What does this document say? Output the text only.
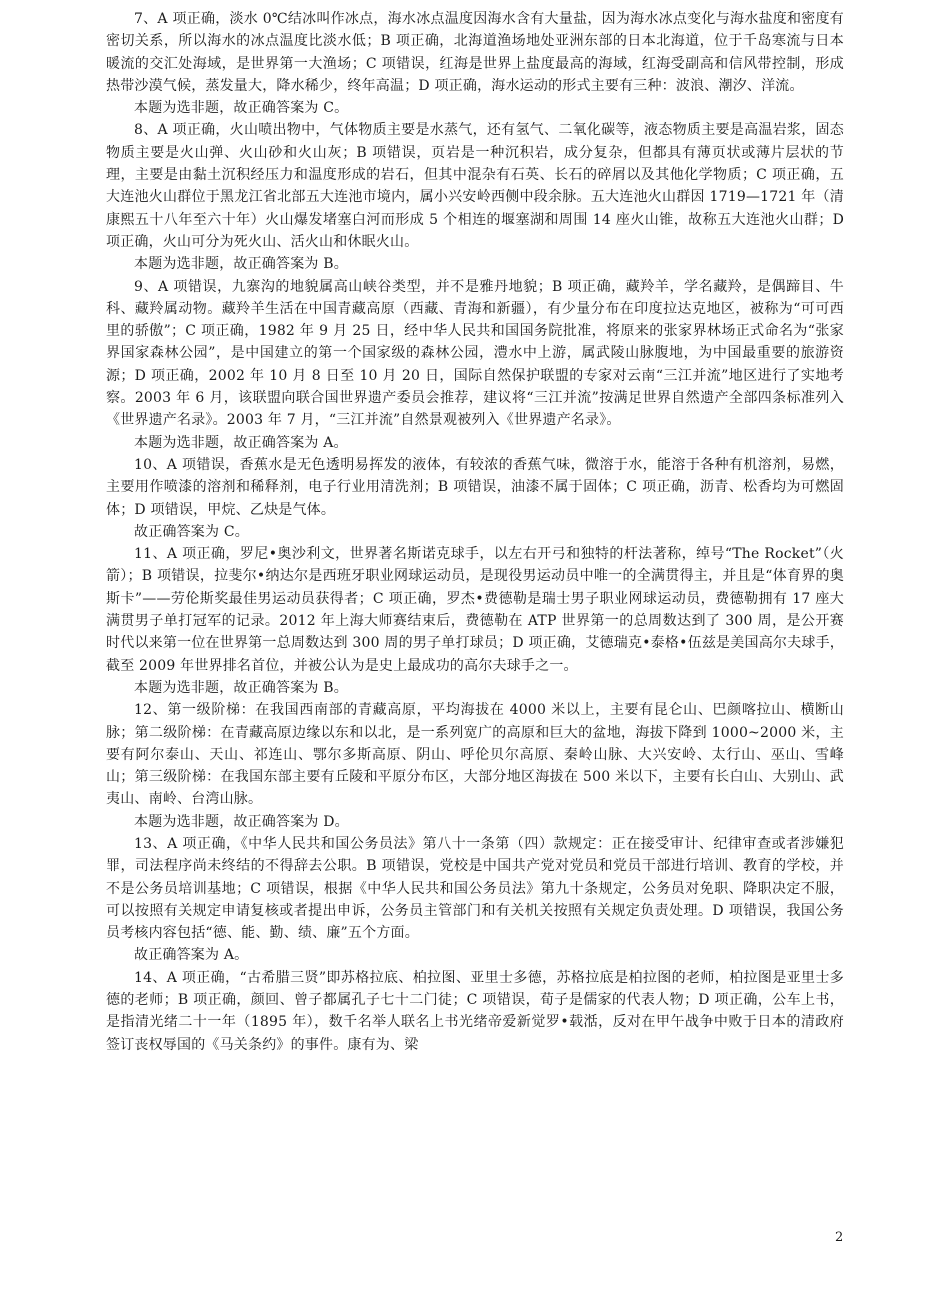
7、A 项正确，淡水 0℃结冰叫作冰点，海水冰点温度因海水含有大量盐，因为海水冰点变化与海水盐度和密度有密切关系，所以海水的冰点温度比淡水低；B 项正确，北海道渔场地处亚洲东部的日本北海道，位于千岛寒流与日本暖流的交汇处海域，是世界第一大渔场；C 项错误，红海是世界上盐度最高的海域，红海受副高和信风带控制，形成热带沙漠气候，蒸发量大，降水稀少，终年高温；D 项正确，海水运动的形式主要有三种：波浪、潮汐、洋流。

本题为选非题，故正确答案为 C。

8、A 项正确，火山喷出物中，气体物质主要是水蒸气，还有氢气、二氧化碳等，液态物质主要是高温岩浆，固态物质主要是火山弹、火山砂和火山灰；B 项错误，页岩是一种沉积岩，成分复杂，但都具有薄页状或薄片层状的节理，主要是由黏土沉积经压力和温度形成的岩石，但其中混杂有石英、长石的碎屑以及其他化学物质；C 项正确，五大连池火山群位于黑龙江省北部五大连池市境内，属小兴安岭西侧中段余脉。五大连池火山群因 1719—1721 年（清康熙五十八年至六十年）火山爆发堵塞白河而形成 5 个相连的堰塞湖和周围 14 座火山锥，故称五大连池火山群；D 项正确，火山可分为死火山、活火山和休眠火山。

本题为选非题，故正确答案为 B。

9、A 项错误，九寨沟的地貌属高山峡谷类型，并不是雅丹地貌；B 项正确，藏羚羊，学名藏羚，是偶蹄目、牛科、藏羚属动物。藏羚羊生活在中国青藏高原（西藏、青海和新疆），有少量分布在印度拉达克地区，被称为“可可西里的骄傲”；C 项正确，1982 年 9 月 25 日，经中华人民共和国国务院批准，将原来的张家界林场正式命名为“张家界国家森林公园”，是中国建立的第一个国家级的森林公园，澧水中上游，属武陵山脉腹地，为中国最重要的旅游资源；D 项正确，2002 年 10 月 8 日至 10 月 20 日，国际自然保护联盟的专家对云南“三江并流”地区进行了实地考察。2003 年 6 月，该联盟向联合国世界遗产委员会推荐，建议将“三江并流”按满足世界自然遗产全部四条标准列入《世界遗产名录》。2003 年 7 月，“三江并流”自然景观被列入《世界遗产名录》。

本题为选非题，故正确答案为 A。

10、A 项错误，香蕉水是无色透明易挥发的液体，有较浓的香蕉气味，微溶于水，能溶于各种有机溶剂，易燃，主要用作喷漆的溶剂和稀释剂，电子行业用清洗剂；B 项错误，油漆不属于固体；C 项正确，沥青、松香均为可燃固体；D 项错误，甲烷、乙炔是气体。

故正确答案为 C。

11、A 项正确，罗尼•奥沙利文，世界著名斯诺克球手，以左右开弓和独特的杆法著称，绰号“The Rocket”（火箭）；B 项错误，拉斐尔•纳达尔是西班牙职业网球运动员，是现役男运动员中唯一的全满贯得主，并且是“体育界的奥斯卡”——劳伦斯奖最佳男运动员获得者；C 项正确，罗杰•费德勒是瑞士男子职业网球运动员，费德勒拥有 17 座大满贯男子单打冠军的记录。2012 年上海大师赛结束后，费德勒在 ATP 世界第一的总周数达到了 300 周，是公开赛时代以来第一位在世界第一总周数达到 300 周的男子单打球员；D 项正确，艾德瑞克•泰格•伍兹是美国高尔夫球手，截至 2009 年世界排名首位，并被公认为是史上最成功的高尔夫球手之一。

本题为选非题，故正确答案为 B。

12、第一级阶梯：在我国西南部的青藏高原，平均海拔在 4000 米以上，主要有昆仑山、巴颜喀拉山、横断山脉；第二级阶梯：在青藏高原边缘以东和以北，是一系列宽广的高原和巨大的盆地，海拔下降到 1000~2000 米，主要有阿尔泰山、天山、祁连山、鄂尔多斯高原、阴山、呼伦贝尔高原、秦岭山脉、大兴安岭、太行山、巫山、雪峰山；第三级阶梯：在我国东部主要有丘陵和平原分布区，大部分地区海拔在 500 米以下，主要有长白山、大别山、武夷山、南岭、台湾山脉。

本题为选非题，故正确答案为 D。

13、A 项正确，《中华人民共和国公务员法》第八十一条第（四）款规定：正在接受审计、纪律审查或者涉嫌犯罪，司法程序尚未终结的不得辞去公职。B 项错误，党校是中国共产党对党员和党员干部进行培训、教育的学校，并不是公务员培训基地；C 项错误，根据《中华人民共和国公务员法》第九十条规定，公务员对免职、降职决定不服，可以按照有关规定申请复核或者提出申诉，公务员主管部门和有关机关按照有关规定负责处理。D 项错误，我国公务员考核内容包括“德、能、勤、绩、廉”五个方面。

故正确答案为 A。

14、A 项正确，“古希腊三贤”即苏格拉底、柏拉图、亚里士多德，苏格拉底是柏拉图的老师，柏拉图是亚里士多德的老师；B 项正确，颜回、曾子都属孔子七十二门徒；C 项错误，荀子是儒家的代表人物；D 项正确，公车上书，是指清光绪二十一年（1895 年），数千名举人联名上书光绪帝爱新觉罗•载湉，反对在甲午战争中败于日本的清政府签订丧权辱国的《马关条约》的事件。康有为、梁

2
